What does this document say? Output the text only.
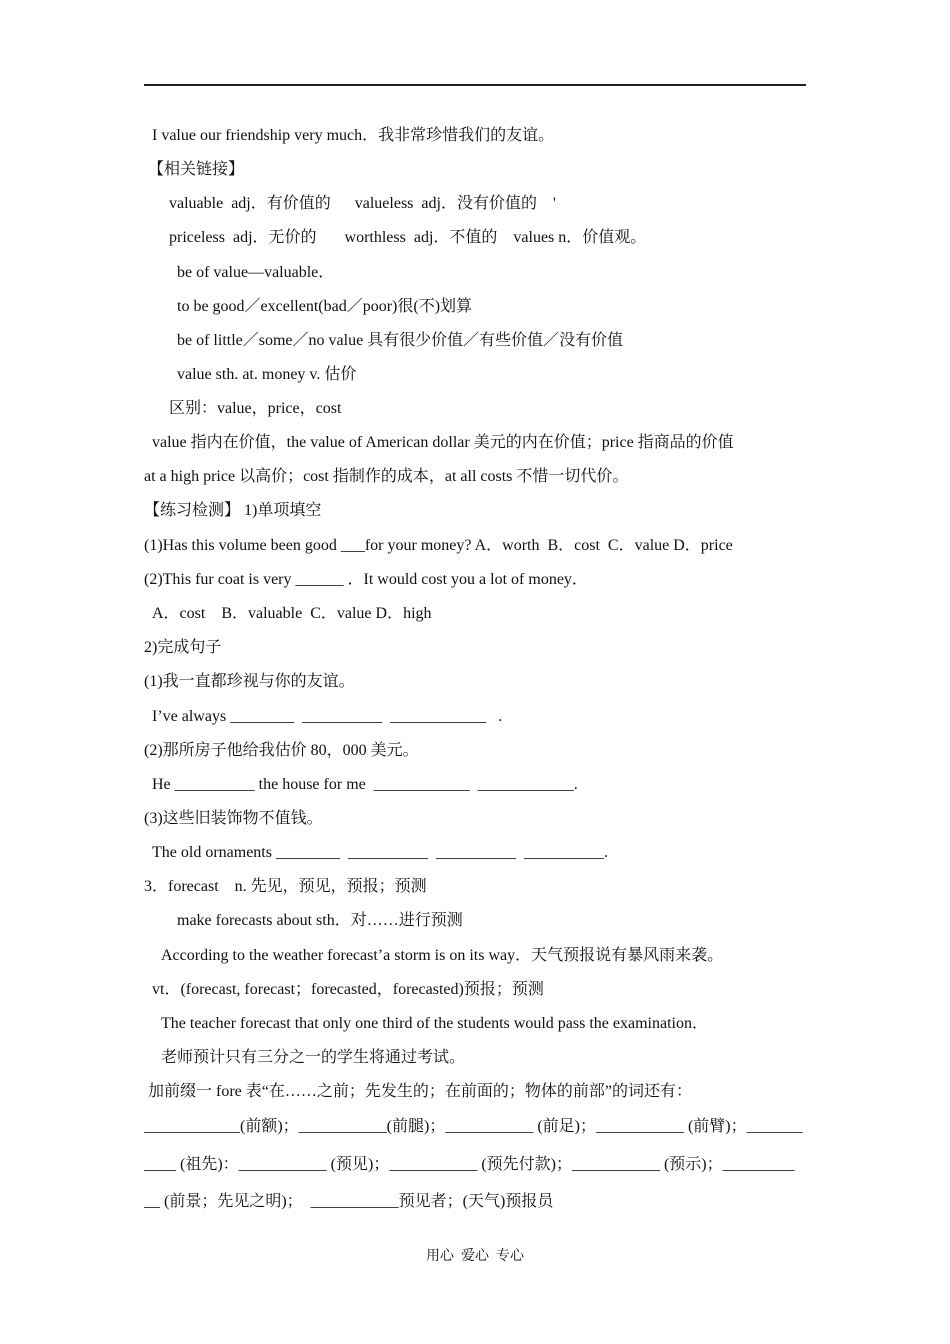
I value our friendship very much．我非常珍惜我们的友谊。
【相关链接】
valuable  adj．有价值的      valueless  adj．没有价值的    '
priceless  adj．无价的       worthless  adj．不值的    values n．价值观。
be of value—valuable．
to be good／excellent(bad／poor)很(不)划算
be of little／some／no value 具有很少价值／有些价值／没有价值
value sth. at. money v. 估价
区别：value，price，cost
value 指内在价值，the value of American dollar 美元的内在价值；price 指商品的价值
at a high price 以高价；cost 指制作的成本，at all costs 不惜一切代价。
【练习检测】 1)单项填空
(1)Has this volume been good ___for your money? A．worth  B．cost  C．value D．price
(2)This fur coat is very ______ ．It would cost you a lot of money．
A．cost    B．valuable  C．value D．high
2)完成句子
(1)我一直都珍视与你的友谊。
I’ve always ________  __________  ____________   .
(2)那所房子他给我估价 80，000 美元。
He __________ the house for me  ____________  ____________.
(3)这些旧装饰物不值钱。
The old ornaments ________  __________  __________  __________.
3．forecast    n. 先见，预见，预报；预测
make forecasts about sth．对……进行预测
According to the weather forecast’a storm is on its way．天气预报说有暴风雨来袭。
vt．(forecast, forecast；forecasted，forecasted)预报；预测
The teacher forecast that only one third of the students would pass the examination．
老师预计只有三分之一的学生将通过考试。
加前缀一 fore 表“在……之前；先发生的；在前面的；物体的前部”的词还有：
____________(前额)；___________(前腿)；___________ (前足)；___________ (前臂)；_______
____ (祖先)：___________ (预见)；___________ (预先付款)；___________ (预示)；_________
__ (前景；先见之明)；  ___________预见者；(天气)预报员
用心  爱心  专心
